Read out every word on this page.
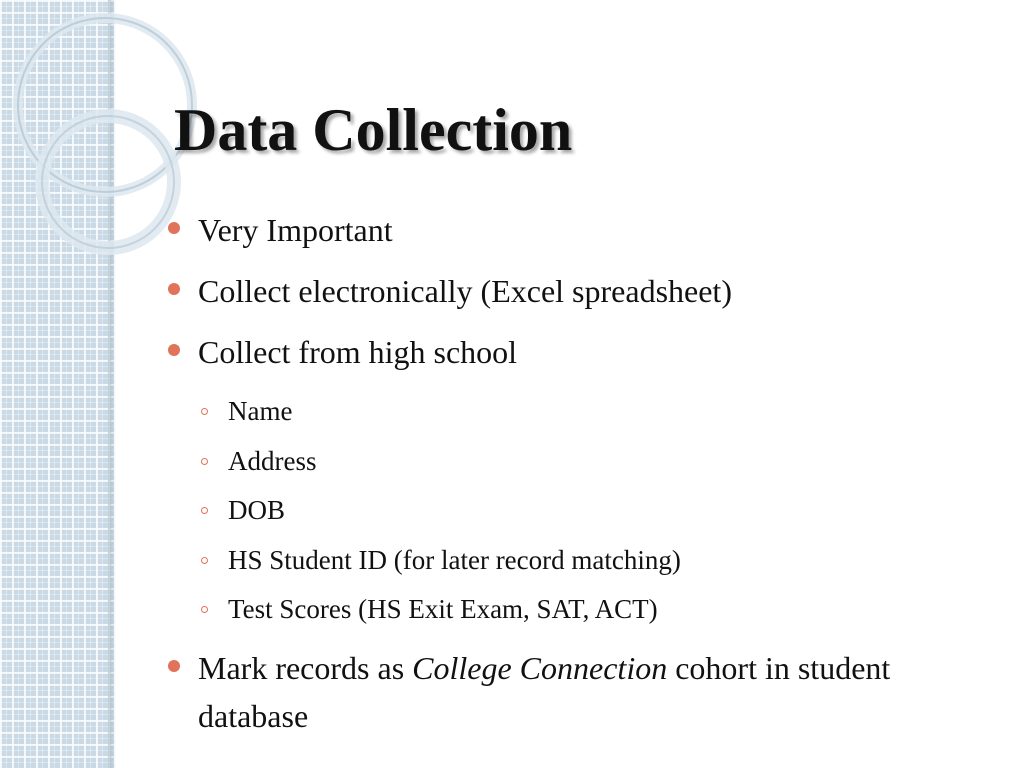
Data Collection
Very Important
Collect electronically (Excel spreadsheet)
Collect from high school
Name
Address
DOB
HS Student ID (for later record matching)
Test Scores (HS Exit Exam, SAT, ACT)
Mark records as College Connection cohort in student database
